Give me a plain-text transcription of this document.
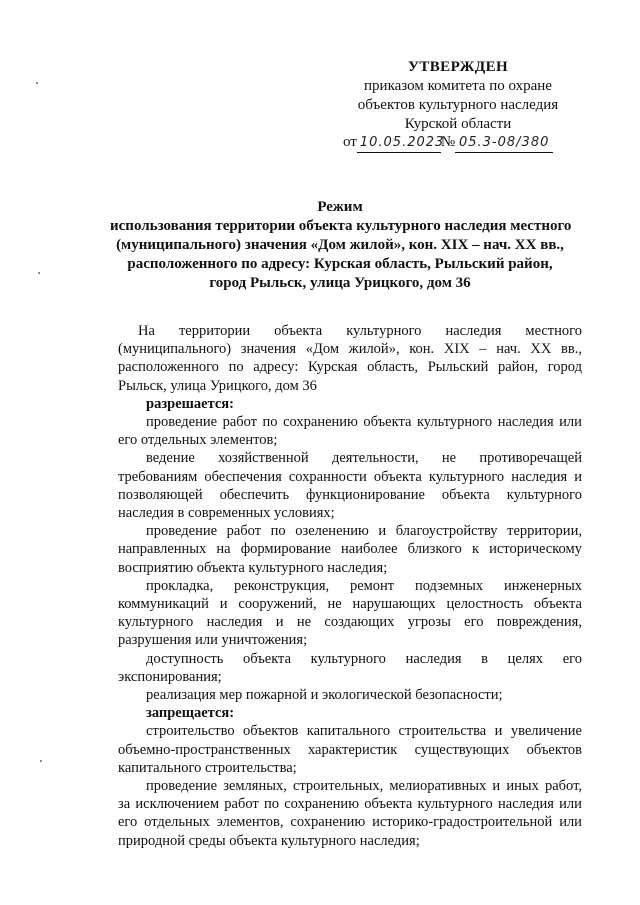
УТВЕРЖДЕН
приказом комитета по охране
объектов культурного наследия
Курской области
от 10.05.2023№ 05.3-08/380
Режим
использования территории объекта культурного наследия местного
(муниципального) значения «Дом жилой», кон. XIX – нач. XX вв.,
расположенного по адресу: Курская область, Рыльский район,
город Рыльск, улица Урицкого, дом 36
На территории объекта культурного наследия местного
(муниципального) значения «Дом жилой», кон. XIX – нач. XX вв.,
расположенного по адресу: Курская область, Рыльский район, город
Рыльск, улица Урицкого, дом 36
разрешается:
проведение работ по сохранению объекта культурного наследия или
его отдельных элементов;
ведение хозяйственной деятельности, не противоречащей
требованиям обеспечения сохранности объекта культурного наследия и
позволяющей обеспечить функционирование объекта культурного
наследия в современных условиях;
проведение работ по озеленению и благоустройству территории,
направленных на формирование наиболее близкого к историческому
восприятию объекта культурного наследия;
прокладка, реконструкция, ремонт подземных инженерных
коммуникаций и сооружений, не нарушающих целостность объекта
культурного наследия и не создающих угрозы его повреждения,
разрушения или уничтожения;
доступность объекта культурного наследия в целях его
экспонирования;
реализация мер пожарной и экологической безопасности;
запрещается:
строительство объектов капитального строительства и увеличение
объемно-пространственных характеристик существующих объектов
капитального строительства;
проведение земляных, строительных, мелиоративных и иных работ,
за исключением работ по сохранению объекта культурного наследия или
его отдельных элементов, сохранению историко-градостроительной или
природной среды объекта культурного наследия;
